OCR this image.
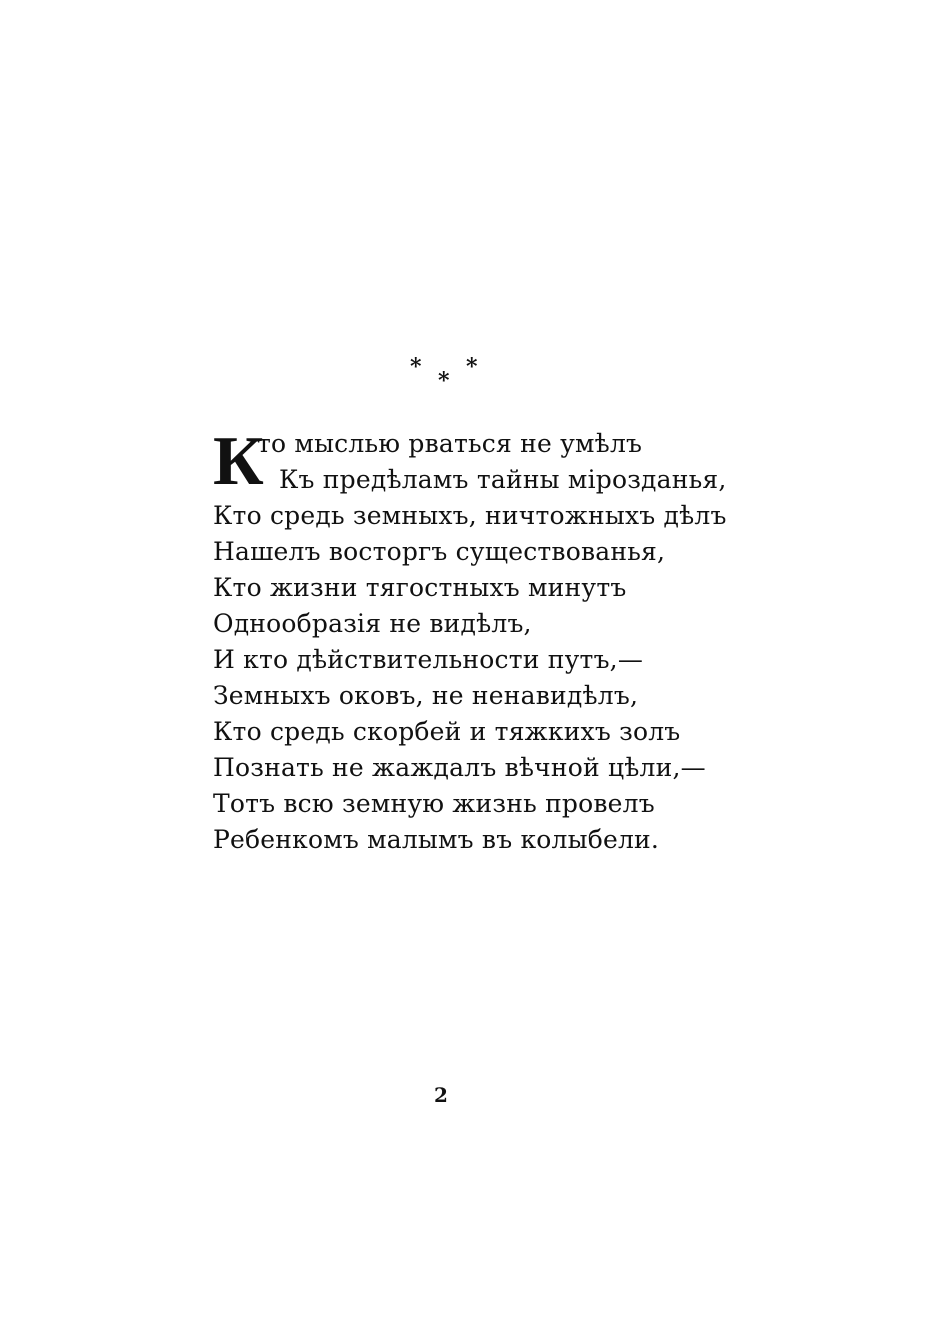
*
*
*
К
то мыслью рваться не умѣлъ
Къ предѣламъ тайны мірозданья,
Кто средь земныхъ, ничтожныхъ дѣлъ
Нашелъ восторгъ существованья,
Кто жизни тягостныхъ минутъ
Однообразія не видѣлъ,
И кто дѣйствительности путъ,—
Земныхъ оковъ, не ненавидѣлъ,
Кто средь скорбей и тяжкихъ золъ
Познать не жаждалъ вѣчной цѣли,—
Тотъ всю земную жизнь провелъ
Ребенкомъ малымъ въ колыбели.
2
